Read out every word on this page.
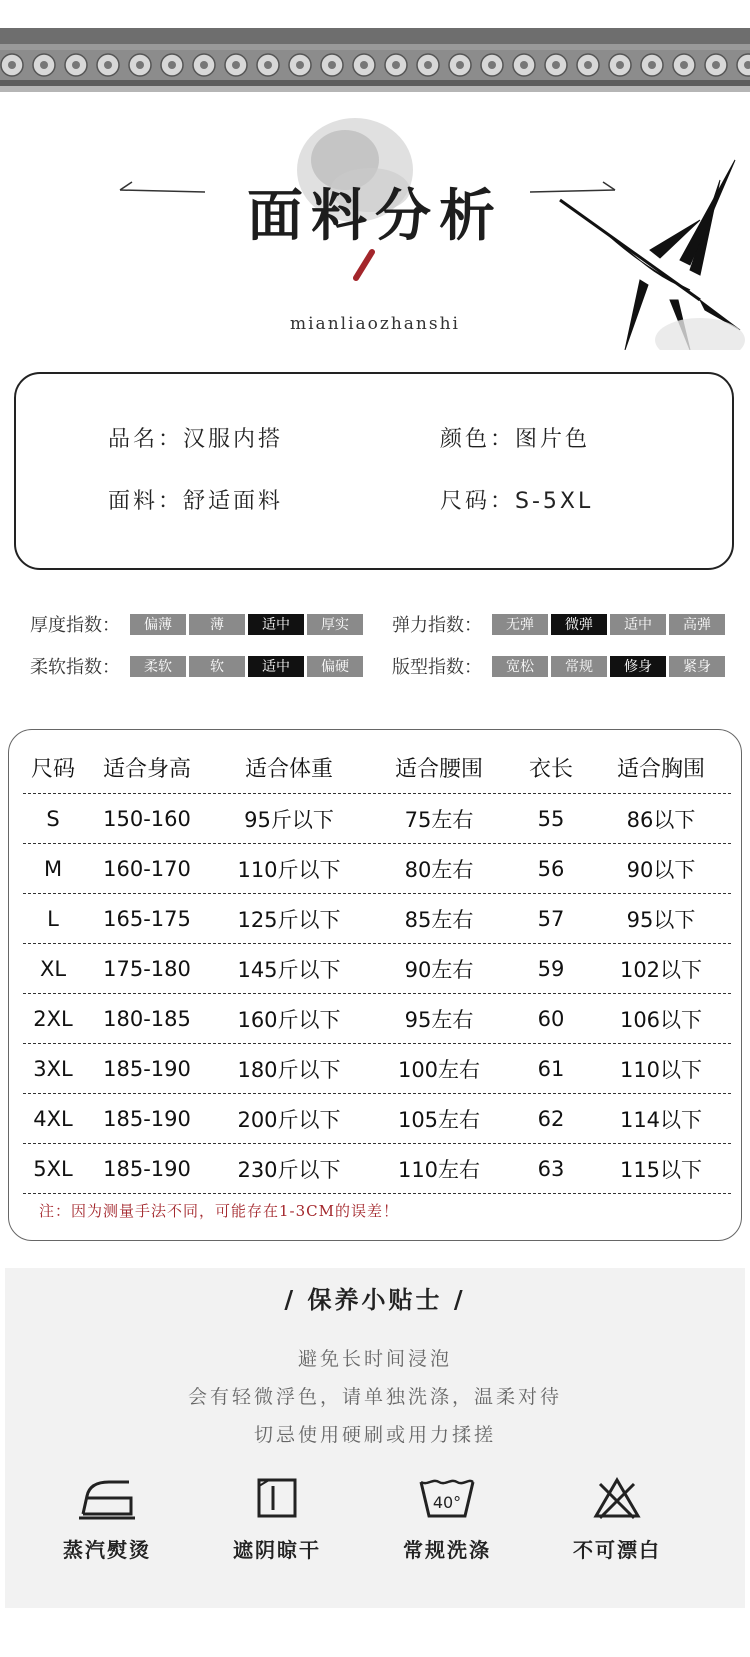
面料分析
mianliaozhanshi
品名：汉服内搭	颜色：图片色
面料：舒适面料	尺码：S-5XL
厚度指数：	偏薄	薄	适中	厚实	弹力指数：	无弹	微弹	适中	高弹
柔软指数：	柔软	软	适中	偏硬	版型指数：	宽松	常规	修身	紧身
尺码	适合身高	适合体重	适合腰围	衣长	适合胸围
S	150-160	95斤以下	75左右	55	86以下
M	160-170	110斤以下	80左右	56	90以下
L	165-175	125斤以下	85左右	57	95以下
XL	175-180	145斤以下	90左右	59	102以下
2XL	180-185	160斤以下	95左右	60	106以下
3XL	185-190	180斤以下	100左右	61	110以下
4XL	185-190	200斤以下	105左右	62	114以下
5XL	185-190	230斤以下	110左右	63	115以下
注：因为测量手法不同，可能存在1-3CM的误差！
/ 保养小贴士 /
避免长时间浸泡
会有轻微浮色，请单独洗涤，温柔对待
切忌使用硬刷或用力揉搓
蒸汽熨烫	遮阴晾干
40°
常规洗涤	不可漂白
